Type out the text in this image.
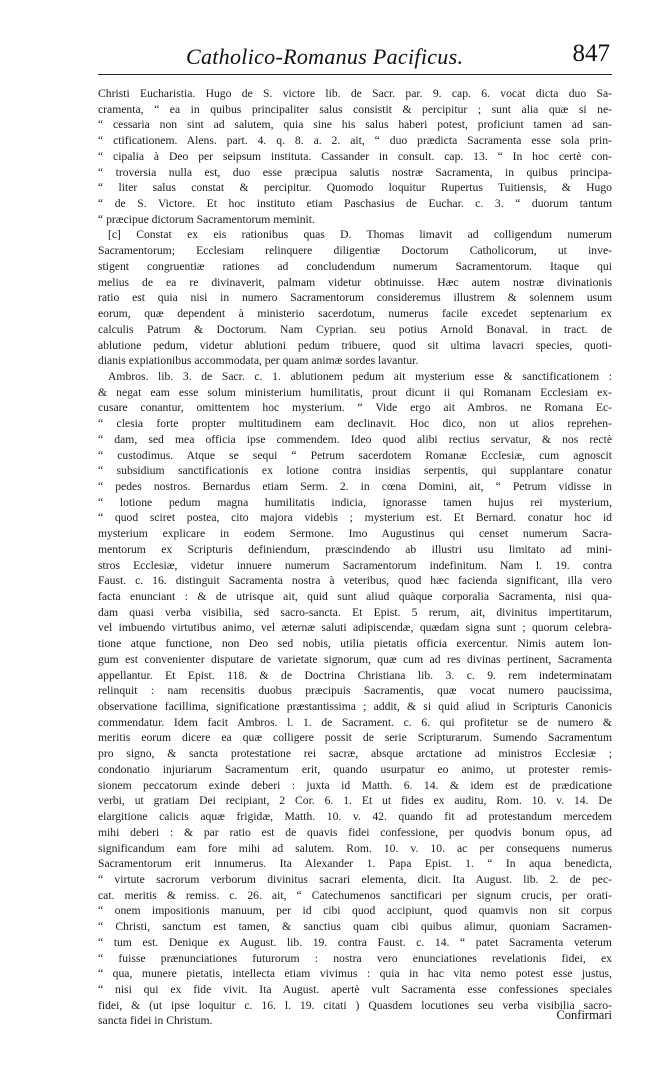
Catholico-Romanus Pacificus.	847
Christi Eucharistia. Hugo de S. victore lib. de Sacr. par. 9. cap. 6. vocat dicta duo Sa-
cramenta, “ ea in quibus principaliter salus consistit & percipitur ; sunt alia quæ si ne-
“ cessaria non sint ad salutem, quia sine his salus haberi potest, proficiunt tamen ad san-
“ ctificationem. Alens. part. 4. q. 8. a. 2. ait, “ duo prædicta Sacramenta esse sola prin-
“ cipalia à Deo per seipsum instituta. Cassander in consult. cap. 13. “ In hoc certè con-
“ troversia nulla est, duo esse præcipua salutis nostræ Sacramenta, in quibus principa-
“ liter salus constat & percipitur. Quomodo loquitur Rupertus Tuitiensis, & Hugo
“ de S. Victore. Et hoc instituto etiam Paschasius de Euchar. c. 3. “ duorum tantum
“ præcipue dictorum Sacramentorum meminit.
[c] Constat ex eis rationibus quas D. Thomas limavit ad colligendum numerum
Sacramentorum; Ecclesiam relinquere diligentiæ Doctorum Catholicorum, ut inve-
stigent congruentiæ rationes ad concludendum numerum Sacramentorum. Itaque qui
melius de ea re divinaverit, palmam videtur obtinuisse. Hæc autem nostræ divinationis
ratio est quia nisi in numero Sacramentorum consideremus illustrem & solennem usum
eorum, quæ dependent à ministerio sacerdotum, numerus facile excedet septenarium ex
calculis Patrum & Doctorum. Nam Cyprian. seu potius Arnold Bonaval. in tract. de
ablutione pedum, videtur ablutioni pedum tribuere, quod sit ultima lavacri species, quoti-
dianis expiationibus accommodata, per quam animæ sordes lavantur.
Ambros. lib. 3. de Sacr. c. 1. ablutionem pedum ait mysterium esse & sanctificationem :
& negat eam esse solum ministerium humilitatis, prout dicunt ii qui Romanam Ecclesiam ex-
cusare conantur, omittentem hoc mysterium. “ Vide ergo ait Ambros. ne Romana Ec-
“ clesia forte propter multitudinem eam declinavit. Hoc dico, non ut alios reprehen-
“ dam, sed mea officia ipse commendem. Ideo quod alibi rectius servatur, & nos rectè
“ custodimus. Atque se sequi “ Petrum sacerdotem Romanæ Ecclesiæ, cum agnoscit
“ subsidium sanctificationis ex lotione contra insidias serpentis, qui supplantare conatur
“ pedes nostros. Bernardus etiam Serm. 2. in cœna Domini, ait, “ Petrum vidisse in
“ lotione pedum magna humilitatis indicia, ignorasse tamen hujus rei mysterium,
“ quod sciret postea, cito majora videbis ; mysterium est. Et Bernard. conatur hoc id
mysterium explicare in eodem Sermone. Imo Augustinus qui censet numerum Sacra-
mentorum ex Scripturis definiendum, præscindendo ab illustri usu limitato ad mini-
stros Ecclesiæ, videtur innuere numerum Sacramentorum indefinitum. Nam l. 19. contra
Faust. c. 16. distinguit Sacramenta nostra à veteribus, quod hæc facienda significant, illa vero
facta enunciant : & de utrisque ait, quid sunt aliud quàque corporalia Sacramenta, nisi qua-
dam quasi verba visibilia, sed sacro-sancta. Et Epist. 5 rerum, ait, divinitus impertitarum,
vel imbuendo virtutibus animo, vel æternæ saluti adipiscendæ, quædam signa sunt ; quorum celebra-
tione atque functione, non Deo sed nobis, utilia pietatis officia exercentur. Nimis autem lon-
gum est convenienter disputare de varietate signorum, quæ cum ad res divinas pertinent, Sacramenta
appellantur. Et Epist. 118. & de Doctrina Christiana lib. 3. c. 9. rem indeterminatam
relinquit : nam recensitis duobus præcipuis Sacramentis, quæ vocat numero paucissima,
observatione facillima, significatione præstantissima ; addit, & si quid aliud in Scripturis Canonicis
commendatur. Idem facit Ambros. l. 1. de Sacrament. c. 6. qui profitetur se de numero &
meritis eorum dicere ea quæ colligere possit de serie Scripturarum. Sumendo Sacramentum
pro signo, & sancta protestatione rei sacræ, absque arctatione ad ministros Ecclesiæ ;
condonatio injuriarum Sacramentum erit, quando usurpatur eo animo, ut protester remis-
sionem peccatorum exinde deberi : juxta id Matth. 6. 14. & idem est de prædicatione
verbi, ut gratiam Dei recipiant, 2 Cor. 6. 1. Et ut fides ex auditu, Rom. 10. v. 14. De
elargitione calicis aquæ frigidæ, Matth. 10. v. 42. quando fit ad protestandum mercedem
mihi deberi : & par ratio est de quavis fidei confessione, per quodvis bonum opus, ad
significandum eam fore mihi ad salutem. Rom. 10. v. 10. ac per consequens numerus
Sacramentorum erit innumerus. Ita Alexander 1. Papa Epist. 1. “ In aqua benedicta,
“ virtute sacrorum verborum divinitus sacrari elementa, dicit. Ita August. lib. 2. de pec-
cat. meritis & remiss. c. 26. ait, “ Catechumenos sanctificari per signum crucis, per orati-
“ onem impositionis manuum, per id cibi quod accipiunt, quod quamvis non sit corpus
“ Christi, sanctum est tamen, & sanctius quam cibi quibus alimur, quoniam Sacramen-
“ tum est. Denique ex August. lib. 19. contra Faust. c. 14. “ patet Sacramenta veterum
“ fuisse prænunciationes futurorum : nostra vero enunciationes revelationis fidei, ex
“ qua, munere pietatis, intellecta etiam vivimus : quia in hac vita nemo potest esse justus,
“ nisi qui ex fide vivit. Ita August. apertè vult Sacramenta esse confessiones speciales
fidei, & (ut ipse loquitur c. 16. l. 19. citati ) Quasdem locutiones seu verba visibilia sacro-
sancta fidei in Christum.	Confirmari
